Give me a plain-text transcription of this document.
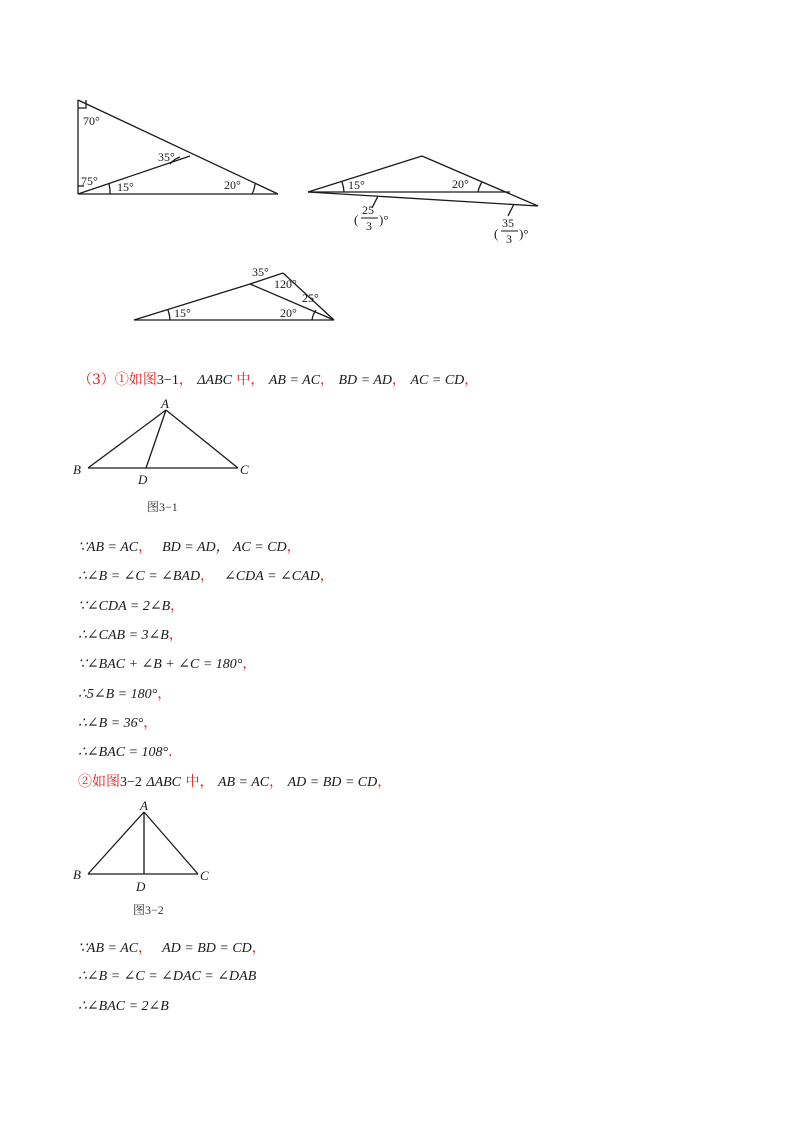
70°
35°
75° 15°	20°	15°	20°
(
25
3 )°
(
35
3 )°
35°
120°
25°
15°	20°
（3）①如图3−1， ΔABC 中， AB = AC， BD = AD， AC = CD，
A
B
D
C
图3−1
∵AB = AC， BD = AD， AC = CD，
∴∠B = ∠C = ∠BAD， ∠CDA = ∠CAD，
∵∠CDA = 2∠B，
∴∠CAB = 3∠B，
∵∠BAC + ∠B + ∠C = 180°，
∴5∠B = 180°，
∴∠B = 36°，
∴∠BAC = 108°．
②如图3−2 ΔABC 中， AB = AC， AD = BD = CD，
A
B
D
C
图3−2
∵AB = AC， AD = BD = CD，
∴∠B = ∠C = ∠DAC = ∠DAB
∴∠BAC = 2∠B
